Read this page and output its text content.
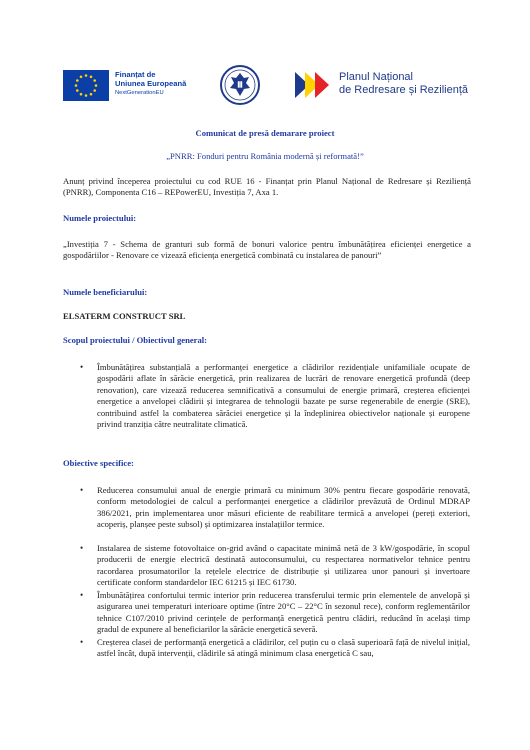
Finanțat de
Uniunea Europeană
NextGenerationEU
Planul Național
de Redresare și Reziliență

Comunicat de presă demarare proiect

„PNRR: Fonduri pentru România modernă și reformată!”

Anunț privind începerea proiectului cu cod RUE 16 - Finanțat prin Planul Național de Redresare și Reziliență (PNRR), Componenta C16 – REPowerEU, Investiția 7, Axa 1.

Numele proiectului:

„Investiția 7 - Schema de granturi sub formă de bonuri valorice pentru îmbunătățirea eficienței energetice a gospodăriilor - Renovare ce vizează eficiența energetică combinată cu instalarea de panouri”

Numele beneficiarului:

ELSATERM CONSTRUCT SRL

Scopul proiectului / Obiectivul general:

• Îmbunătățirea substanțială a performanței energetice a clădirilor rezidențiale unifamiliale ocupate de gospodării aflate în sărăcie energetică, prin realizarea de lucrări de renovare energetică profundă (deep renovation), care vizează reducerea semnificativă a consumului de energie primară, creșterea eficienței energetice a anvelopei clădirii și integrarea de tehnologii bazate pe surse regenerabile de energie (SRE), contribuind astfel la combaterea sărăciei energetice și la îndeplinirea obiectivelor naționale și europene privind tranziția către neutralitate climatică.

Obiective specifice:

• Reducerea consumului anual de energie primară cu minimum 30% pentru fiecare gospodărie renovată, conform metodologiei de calcul a performanței energetice a clădirilor prevăzută de Ordinul MDRAP 386/2021, prin implementarea unor măsuri eficiente de reabilitare termică a anvelopei (pereți exteriori, acoperiș, planșee peste subsol) și optimizarea instalațiilor termice.

• Instalarea de sisteme fotovoltaice on-grid având o capacitate minimă netă de 3 kW/gospodărie, în scopul producerii de energie electrică destinată autoconsumului, cu respectarea normativelor tehnice pentru racordarea prosumatorilor la rețelele electrice de distribuție și utilizarea unor panouri și invertoare certificate conform standardelor IEC 61215 și IEC 61730.

• Îmbunătățirea confortului termic interior prin reducerea transferului termic prin elementele de anvelopă și asigurarea unei temperaturi interioare optime (între 20°C – 22°C în sezonul rece), conform reglementărilor tehnice C107/2010 privind cerințele de performanță energetică pentru clădiri, reducând în același timp gradul de expunere al beneficiarilor la sărăcie energetică severă.

• Creșterea clasei de performanță energetică a clădirilor, cel puțin cu o clasă superioară față de nivelul inițial, astfel încât, după intervenții, clădirile să atingă minimum clasa energetică C sau,
